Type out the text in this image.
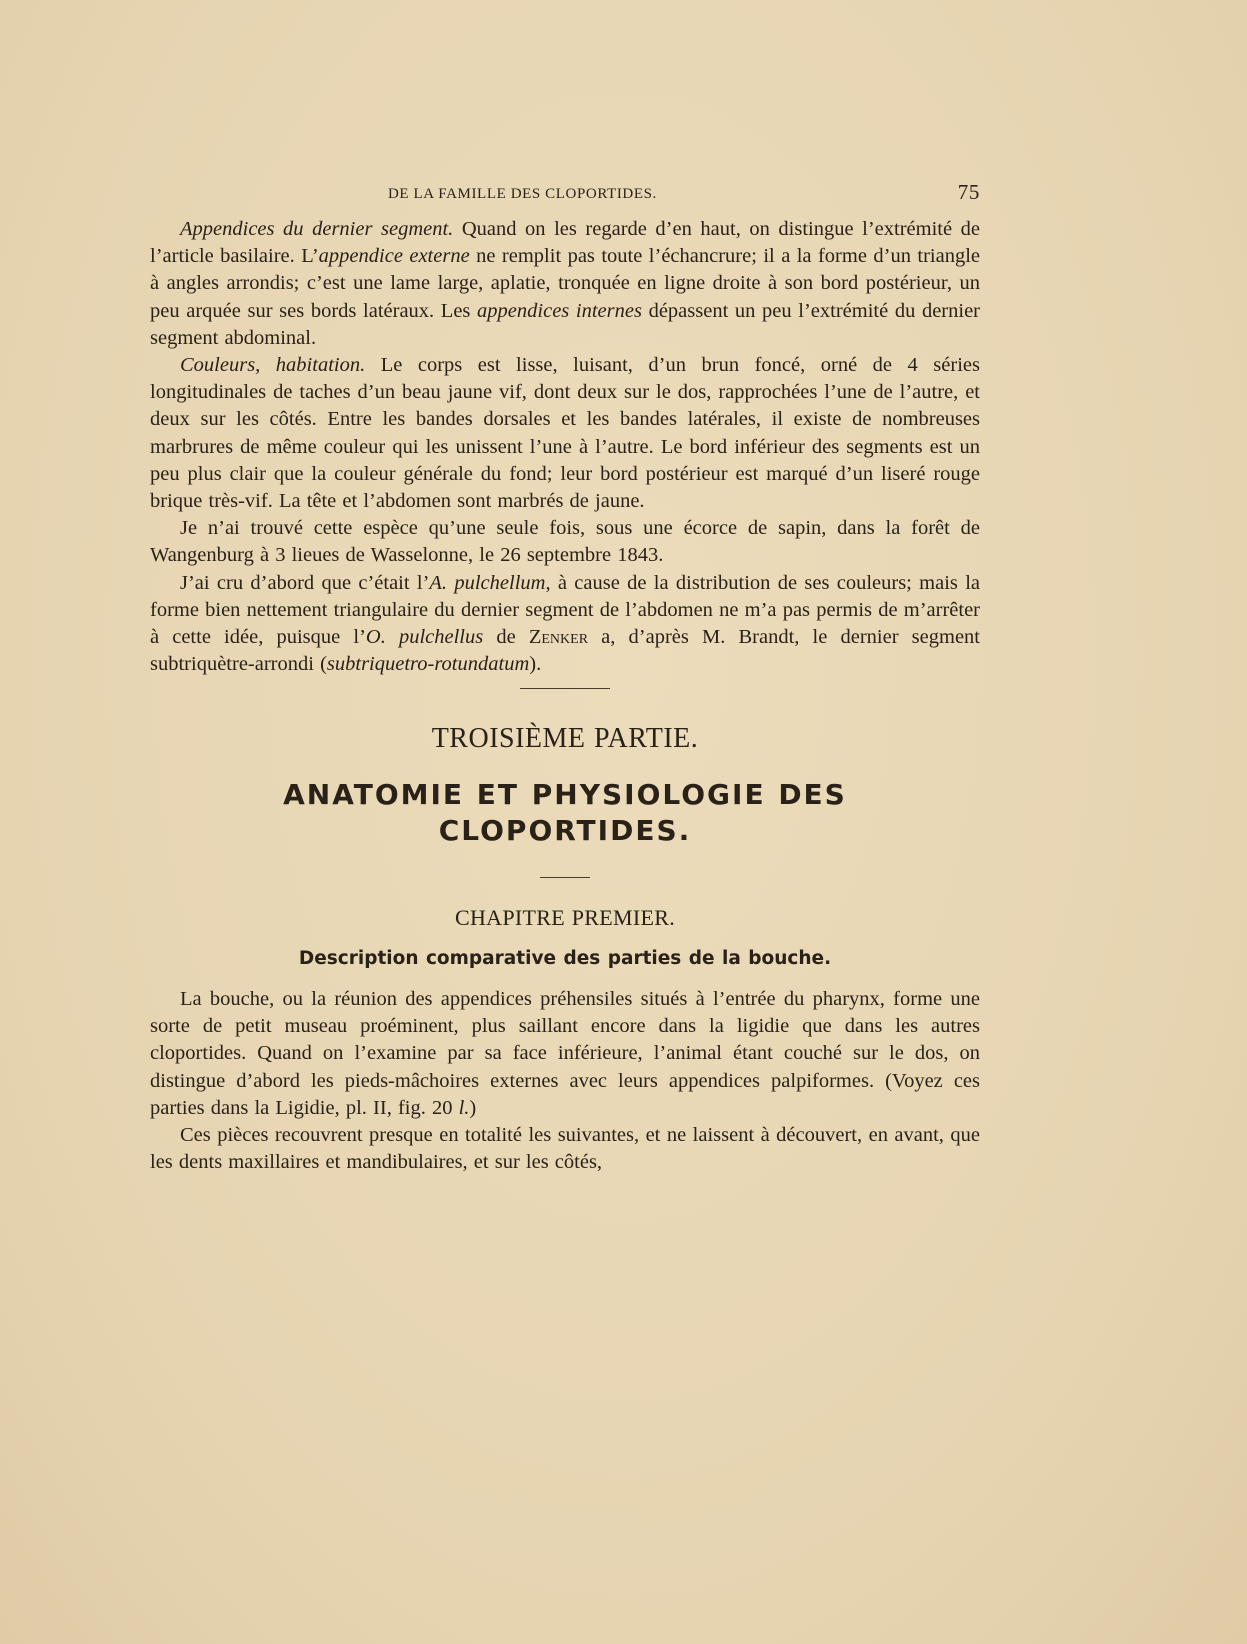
DE LA FAMILLE DES CLOPORTIDES.	75

Appendices du dernier segment. Quand on les regarde d’en haut, on distingue l’extrémité de l’article basilaire. L’appendice externe ne remplit pas toute l’échancrure; il a la forme d’un triangle à angles arrondis; c’est une lame large, aplatie, tronquée en ligne droite à son bord postérieur, un peu arquée sur ses bords latéraux. Les appendices internes dépassent un peu l’extrémité du dernier segment abdominal.

Couleurs, habitation. Le corps est lisse, luisant, d’un brun foncé, orné de 4 séries longitudinales de taches d’un beau jaune vif, dont deux sur le dos, rapprochées l’une de l’autre, et deux sur les côtés. Entre les bandes dorsales et les bandes latérales, il existe de nombreuses marbrures de même couleur qui les unissent l’une à l’autre. Le bord inférieur des segments est un peu plus clair que la couleur générale du fond; leur bord postérieur est marqué d’un liseré rouge brique très-vif. La tête et l’abdomen sont marbrés de jaune.

Je n’ai trouvé cette espèce qu’une seule fois, sous une écorce de sapin, dans la forêt de Wangenburg à 3 lieues de Wasselonne, le 26 septembre 1843.

J’ai cru d’abord que c’était l’A. pulchellum, à cause de la distribution de ses couleurs; mais la forme bien nettement triangulaire du dernier segment de l’abdomen ne m’a pas permis de m’arrêter à cette idée, puisque l’O. pulchellus de Zenker a, d’après M. Brandt, le dernier segment subtriquètre-arrondi (subtriquetro-rotundatum).

TROISIÈME PARTIE.
ANATOMIE ET PHYSIOLOGIE DES
CLOPORTIDES.
CHAPITRE PREMIER.
Description comparative des parties de la bouche.

La bouche, ou la réunion des appendices préhensiles situés à l’entrée du pharynx, forme une sorte de petit museau proéminent, plus saillant encore dans la ligidie que dans les autres cloportides. Quand on l’examine par sa face inférieure, l’animal étant couché sur le dos, on distingue d’abord les pieds-mâchoires externes avec leurs appendices palpiformes. (Voyez ces parties dans la Ligidie, pl. II, fig. 20 l.)

Ces pièces recouvrent presque en totalité les suivantes, et ne laissent à découvert, en avant, que les dents maxillaires et mandibulaires, et sur les côtés,
